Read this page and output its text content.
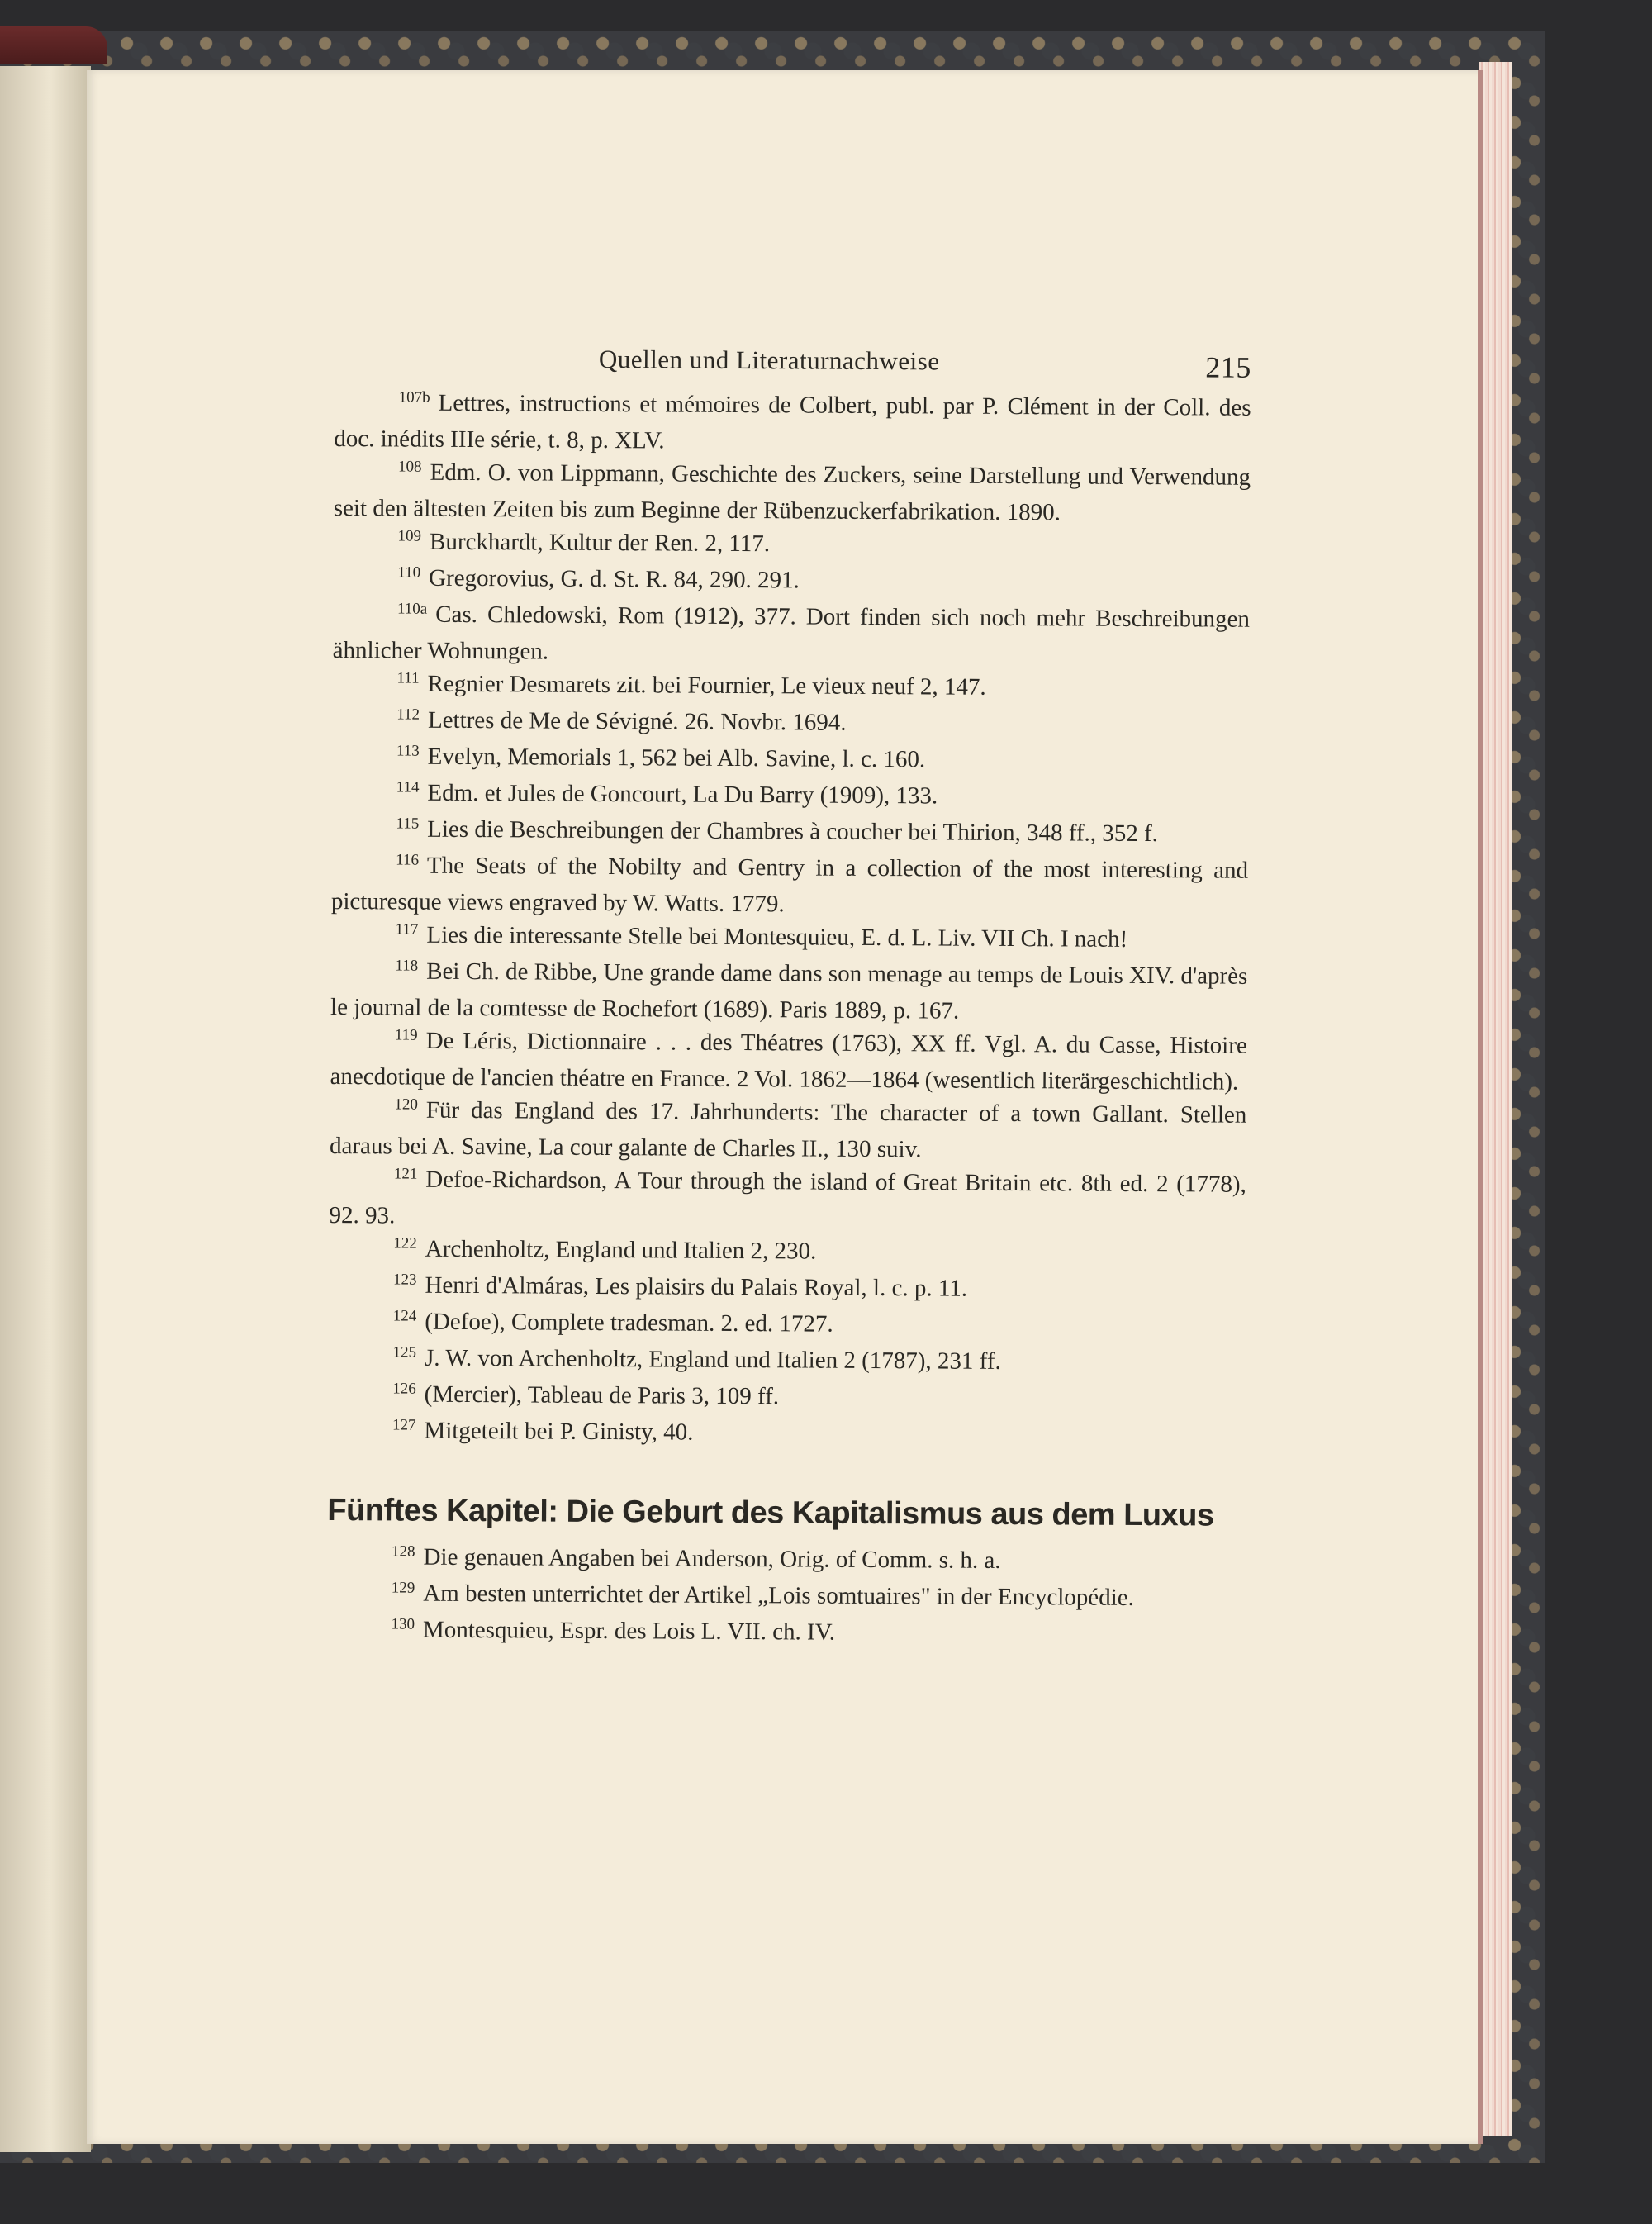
Quellen und Literaturnachweise	215
$^{107b}$ Lettres, instructions et mémoires de Colbert, publ. par P. Clément in der Coll. des doc. inédits IIIe série, t. 8, p. XLV.
$^{108}$ Edm. O. von Lippmann, Geschichte des Zuckers, seine Darstellung und Verwendung seit den ältesten Zeiten bis zum Beginne der Rübenzuckerfabrikation. 1890.
$^{109}$ Burckhardt, Kultur der Ren. 2, 117.
$^{110}$ Gregorovius, G. d. St. R. 84, 290. 291.
$^{110a}$ Cas. Chledowski, Rom (1912), 377. Dort finden sich noch mehr Beschreibungen ähnlicher Wohnungen.
$^{111}$ Regnier Desmarets zit. bei Fournier, Le vieux neuf 2, 147.
$^{112}$ Lettres de Me de Sévigné. 26. Novbr. 1694.
$^{113}$ Evelyn, Memorials 1, 562 bei Alb. Savine, l. c. 160.
$^{114}$ Edm. et Jules de Goncourt, La Du Barry (1909), 133.
$^{115}$ Lies die Beschreibungen der Chambres à coucher bei Thirion, 348 ff., 352 f.
$^{116}$ The Seats of the Nobilty and Gentry in a collection of the most interesting and picturesque views engraved by W. Watts. 1779.
$^{117}$ Lies die interessante Stelle bei Montesquieu, E. d. L. Liv. VII Ch. I nach!
$^{118}$ Bei Ch. de Ribbe, Une grande dame dans son menage au temps de Louis XIV. d'après le journal de la comtesse de Rochefort (1689). Paris 1889, p. 167.
$^{119}$ De Léris, Dictionnaire . . . des Théatres (1763), XX ff. Vgl. A. du Casse, Histoire anecdotique de l'ancien théatre en France. 2 Vol. 1862—1864 (wesentlich literärgeschichtlich).
$^{120}$ Für das England des 17. Jahrhunderts: The character of a town Gallant. Stellen daraus bei A. Savine, La cour galante de Charles II., 130 suiv.
$^{121}$ Defoe-Richardson, A Tour through the island of Great Britain etc. 8th ed. 2 (1778), 92. 93.
$^{122}$ Archenholtz, England und Italien 2, 230.
$^{123}$ Henri d'Almáras, Les plaisirs du Palais Royal, l. c. p. 11.
$^{124}$ (Defoe), Complete tradesman. 2. ed. 1727.
$^{125}$ J. W. von Archenholtz, England und Italien 2 (1787), 231 ff.
$^{126}$ (Mercier), Tableau de Paris 3, 109 ff.
$^{127}$ Mitgeteilt bei P. Ginisty, 40.
Fünftes Kapitel: Die Geburt des Kapitalismus aus dem Luxus
$^{128}$ Die genauen Angaben bei Anderson, Orig. of Comm. s. h. a.
$^{129}$ Am besten unterrichtet der Artikel „Lois somtuaires" in der Encyclopédie.
$^{130}$ Montesquieu, Espr. des Lois L. VII. ch. IV.
